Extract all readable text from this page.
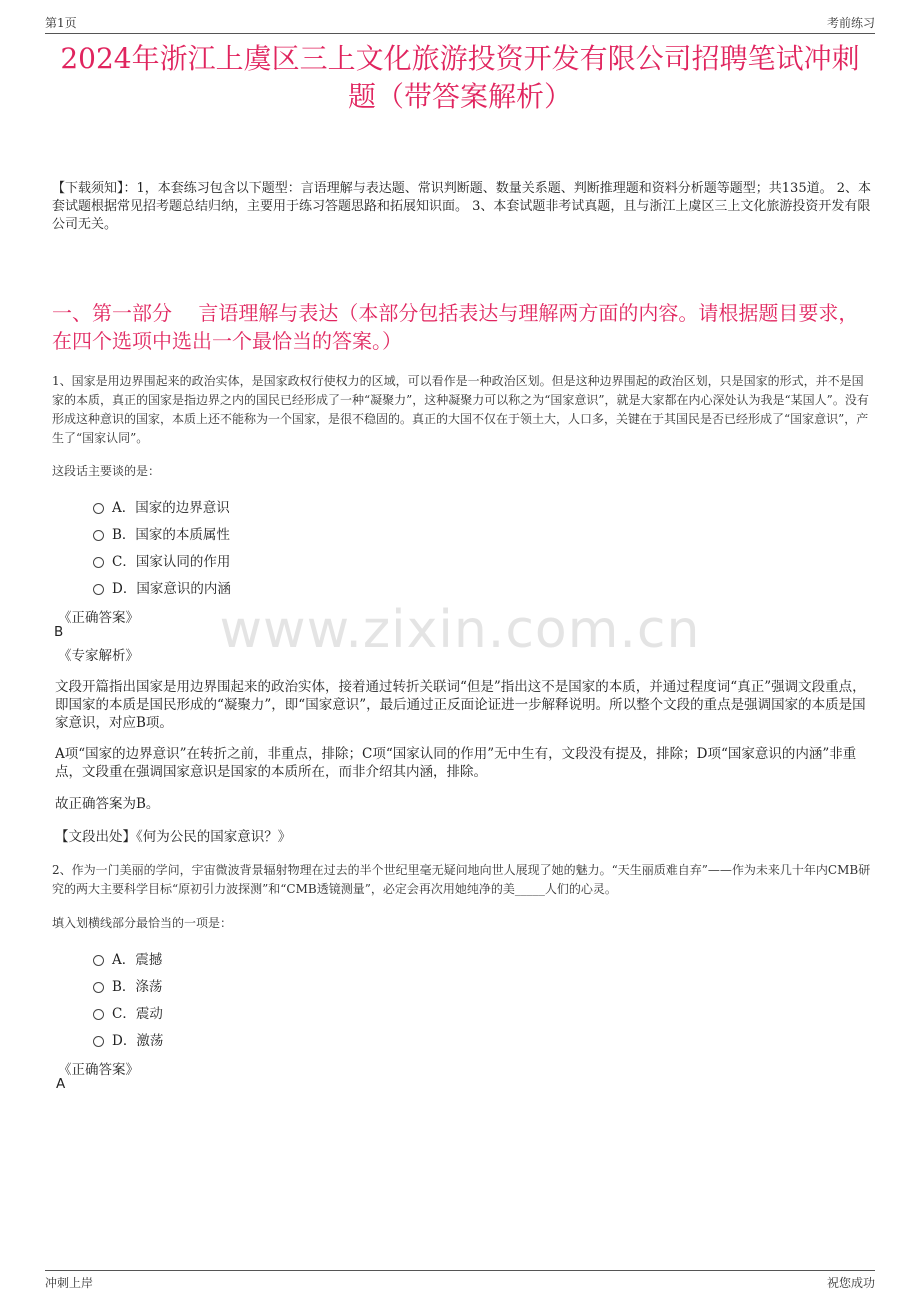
第1页	考前练习
2024年浙江上虞区三上文化旅游投资开发有限公司招聘笔试冲刺题（带答案解析）
【下载须知】：1，本套练习包含以下题型：言语理解与表达题、常识判断题、数量关系题、判断推理题和资料分析题等题型；共135道。 2、本套试题根据常见招考题总结归纳，主要用于练习答题思路和拓展知识面。 3、本套试题非考试真题，且与浙江上虞区三上文化旅游投资开发有限公司无关。
一、第一部分　 言语理解与表达（本部分包括表达与理解两方面的内容。请根据题目要求，在四个选项中选出一个最恰当的答案。）
1、国家是用边界围起来的政治实体，是国家政权行使权力的区域，可以看作是一种政治区划。但是这种边界围起的政治区划，只是国家的形式，并不是国家的本质，真正的国家是指边界之内的国民已经形成了一种“凝聚力”，这种凝聚力可以称之为“国家意识”，就是大家都在内心深处认为我是“某国人”。没有形成这种意识的国家，本质上还不能称为一个国家，是很不稳固的。真正的大国不仅在于领土大，人口多，关键在于其国民是否已经形成了“国家意识”，产生了“国家认同”。
这段话主要谈的是：
A．国家的边界意识
B．国家的本质属性
C．国家认同的作用
D．国家意识的内涵
www.zixin.com.cn
《正确答案》
B
《专家解析》
文段开篇指出国家是用边界围起来的政治实体，接着通过转折关联词“但是”指出这不是国家的本质，并通过程度词“真正”强调文段重点，即国家的本质是国民形成的“凝聚力”，即“国家意识”，最后通过正反面论证进一步解释说明。所以整个文段的重点是强调国家的本质是国家意识，对应B项。
A项“国家的边界意识”在转折之前，非重点，排除；C项“国家认同的作用”无中生有，文段没有提及，排除；D项“国家意识的内涵”非重点，文段重在强调国家意识是国家的本质所在，而非介绍其内涵，排除。
故正确答案为B。
【文段出处】《何为公民的国家意识？》
2、作为一门美丽的学问，宇宙微波背景辐射物理在过去的半个世纪里毫无疑问地向世人展现了她的魅力。“天生丽质难自弃”——作为未来几十年内CMB研究的两大主要科学目标“原初引力波探测”和“CMB透镜测量”，必定会再次用她纯净的美_____人们的心灵。
填入划横线部分最恰当的一项是：
A．震撼
B．涤荡
C．震动
D．激荡
《正确答案》
A
冲刺上岸	祝您成功
